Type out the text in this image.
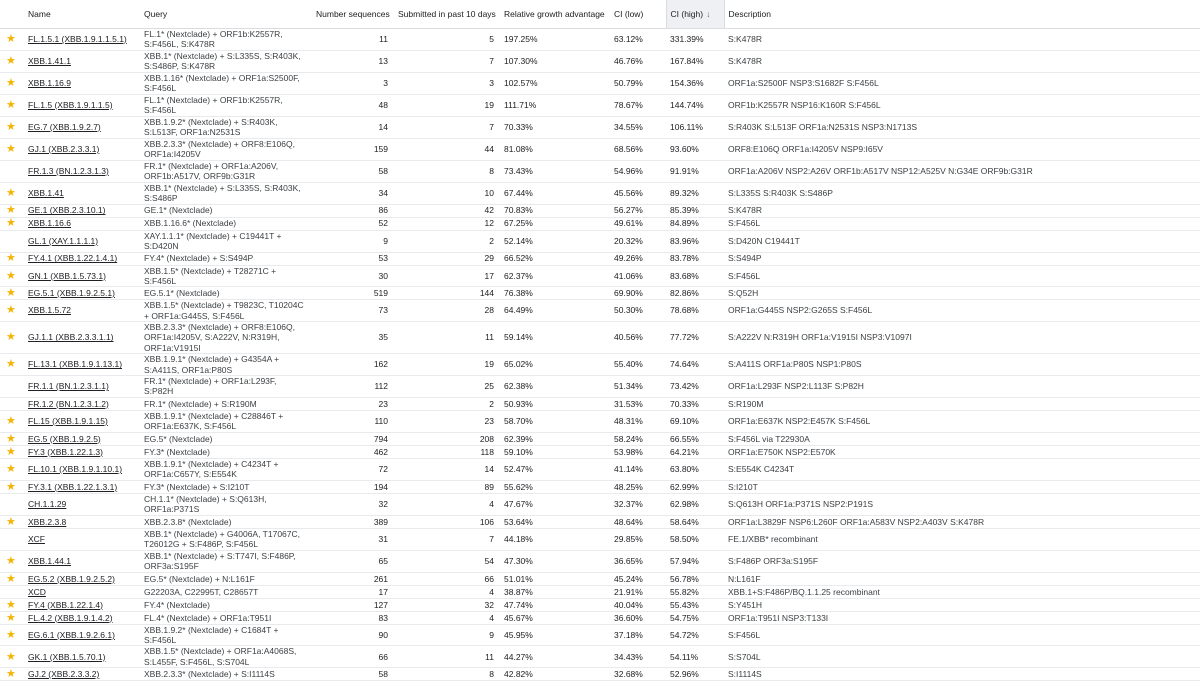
	Name	Query	Number sequences	Submitted in past 10 days	Relative growth advantage	CI (low)	CI (high) ↓	Description
★	FL.1.5.1 (XBB.1.9.1.1.5.1)	FL.1* (Nextclade) + ORF1b:K2557R, S:F456L, S:K478R	11	5	197.25%	63.12%	331.39%	S:K478R
★	XBB.1.41.1	XBB.1* (Nextclade) + S:L335S, S:R403K, S:S486P, S:K478R	13	7	107.30%	46.76%	167.84%	S:K478R
★	XBB.1.16.9	XBB.1.16* (Nextclade) + ORF1a:S2500F, S:F456L	3	3	102.57%	50.79%	154.36%	ORF1a:S2500F NSP3:S1682F S:F456L
★	FL.1.5 (XBB.1.9.1.1.5)	FL.1* (Nextclade) + ORF1b:K2557R, S:F456L	48	19	111.71%	78.67%	144.74%	ORF1b:K2557R NSP16:K160R S:F456L
★	EG.7 (XBB.1.9.2.7)	XBB.1.9.2* (Nextclade) + S:R403K, S:L513F, ORF1a:N2531S	14	7	70.33%	34.55%	106.11%	S:R403K S:L513F ORF1a:N2531S NSP3:N1713S
★	GJ.1 (XBB.2.3.3.1)	XBB.2.3.3* (Nextclade) + ORF8:E106Q, ORF1a:I4205V	159	44	81.08%	68.56%	93.60%	ORF8:E106Q ORF1a:I4205V NSP9:I65V
	FR.1.3 (BN.1.2.3.1.3)	FR.1* (Nextclade) + ORF1a:A206V, ORF1b:A517V, ORF9b:G31R	58	8	73.43%	54.96%	91.91%	ORF1a:A206V NSP2:A26V ORF1b:A517V NSP12:A525V N:G34E ORF9b:G31R
★	XBB.1.41	XBB.1* (Nextclade) + S:L335S, S:R403K, S:S486P	34	10	67.44%	45.56%	89.32%	S:L335S S:R403K S:S486P
★	GE.1 (XBB.2.3.10.1)	GE.1* (Nextclade)	86	42	70.83%	56.27%	85.39%	S:K478R
★	XBB.1.16.6	XBB.1.16.6* (Nextclade)	52	12	67.25%	49.61%	84.89%	S:F456L
	GL.1 (XAY.1.1.1.1)	XAY.1.1.1* (Nextclade) + C19441T + S:D420N	9	2	52.14%	20.32%	83.96%	S:D420N C19441T
★	FY.4.1 (XBB.1.22.1.4.1)	FY.4* (Nextclade) + S:S494P	53	29	66.52%	49.26%	83.78%	S:S494P
★	GN.1 (XBB.1.5.73.1)	XBB.1.5* (Nextclade) + T28271C + S:F456L	30	17	62.37%	41.06%	83.68%	S:F456L
★	EG.5.1 (XBB.1.9.2.5.1)	EG.5.1* (Nextclade)	519	144	76.38%	69.90%	82.86%	S:Q52H
★	XBB.1.5.72	XBB.1.5* (Nextclade) + T9823C, T10204C + ORF1a:G445S, S:F456L	73	28	64.49%	50.30%	78.68%	ORF1a:G445S NSP2:G265S S:F456L
★	GJ.1.1 (XBB.2.3.3.1.1)	XBB.2.3.3* (Nextclade) + ORF8:E106Q, ORF1a:I4205V, S:A222V, N:R319H, ORF1a:V1915I	35	11	59.14%	40.56%	77.72%	S:A222V N:R319H ORF1a:V1915I NSP3:V1097I
★	FL.13.1 (XBB.1.9.1.13.1)	XBB.1.9.1* (Nextclade) + G4354A + S:A411S, ORF1a:P80S	162	19	65.02%	55.40%	74.64%	S:A411S ORF1a:P80S NSP1:P80S
	FR.1.1 (BN.1.2.3.1.1)	FR.1* (Nextclade) + ORF1a:L293F, S:P82H	112	25	62.38%	51.34%	73.42%	ORF1a:L293F NSP2:L113F S:P82H
	FR.1.2 (BN.1.2.3.1.2)	FR.1* (Nextclade) + S:R190M	23	2	50.93%	31.53%	70.33%	S:R190M
★	FL.15 (XBB.1.9.1.15)	XBB.1.9.1* (Nextclade) + C28846T + ORF1a:E637K, S:F456L	110	23	58.70%	48.31%	69.10%	ORF1a:E637K NSP2:E457K S:F456L
★	EG.5 (XBB.1.9.2.5)	EG.5* (Nextclade)	794	208	62.39%	58.24%	66.55%	S:F456L via T22930A
★	FY.3 (XBB.1.22.1.3)	FY.3* (Nextclade)	462	118	59.10%	53.98%	64.21%	ORF1a:E750K NSP2:E570K
★	FL.10.1 (XBB.1.9.1.10.1)	XBB.1.9.1* (Nextclade) + C4234T + ORF1a:C657Y, S:E554K	72	14	52.47%	41.14%	63.80%	S:E554K C4234T
★	FY.3.1 (XBB.1.22.1.3.1)	FY.3* (Nextclade) + S:I210T	194	89	55.62%	48.25%	62.99%	S:I210T
	CH.1.1.29	CH.1.1* (Nextclade) + S:Q613H, ORF1a:P371S	32	4	47.67%	32.37%	62.98%	S:Q613H ORF1a:P371S NSP2:P191S
★	XBB.2.3.8	XBB.2.3.8* (Nextclade)	389	106	53.64%	48.64%	58.64%	ORF1a:L3829F NSP6:L260F ORF1a:A583V NSP2:A403V S:K478R
	XCF	XBB.1* (Nextclade) + G4006A, T17067C, T26012G + S:F486P, S:F456L	31	7	44.18%	29.85%	58.50%	FE.1/XBB* recombinant
★	XBB.1.44.1	XBB.1* (Nextclade) + S:T747I, S:F486P, ORF3a:S195F	65	54	47.30%	36.65%	57.94%	S:F486P ORF3a:S195F
★	EG.5.2 (XBB.1.9.2.5.2)	EG.5* (Nextclade) + N:L161F	261	66	51.01%	45.24%	56.78%	N:L161F
	XCD	G22203A, C22995T, C28657T	17	4	38.87%	21.91%	55.82%	XBB.1+S:F486P/BQ.1.1.25 recombinant
★	FY.4 (XBB.1.22.1.4)	FY.4* (Nextclade)	127	32	47.74%	40.04%	55.43%	S:Y451H
★	FL.4.2 (XBB.1.9.1.4.2)	FL.4* (Nextclade) + ORF1a:T951I	83	4	45.67%	36.60%	54.75%	ORF1a:T951I NSP3:T133I
★	EG.6.1 (XBB.1.9.2.6.1)	XBB.1.9.2* (Nextclade) + C1684T + S:F456L	90	9	45.95%	37.18%	54.72%	S:F456L
★	GK.1 (XBB.1.5.70.1)	XBB.1.5* (Nextclade) + ORF1a:A4068S, S:L455F, S:F456L, S:S704L	66	11	44.27%	34.43%	54.11%	S:S704L
★	GJ.2 (XBB.2.3.3.2)	XBB.2.3.3* (Nextclade) + S:I1114S	58	8	42.82%	32.68%	52.96%	S:I1114S
